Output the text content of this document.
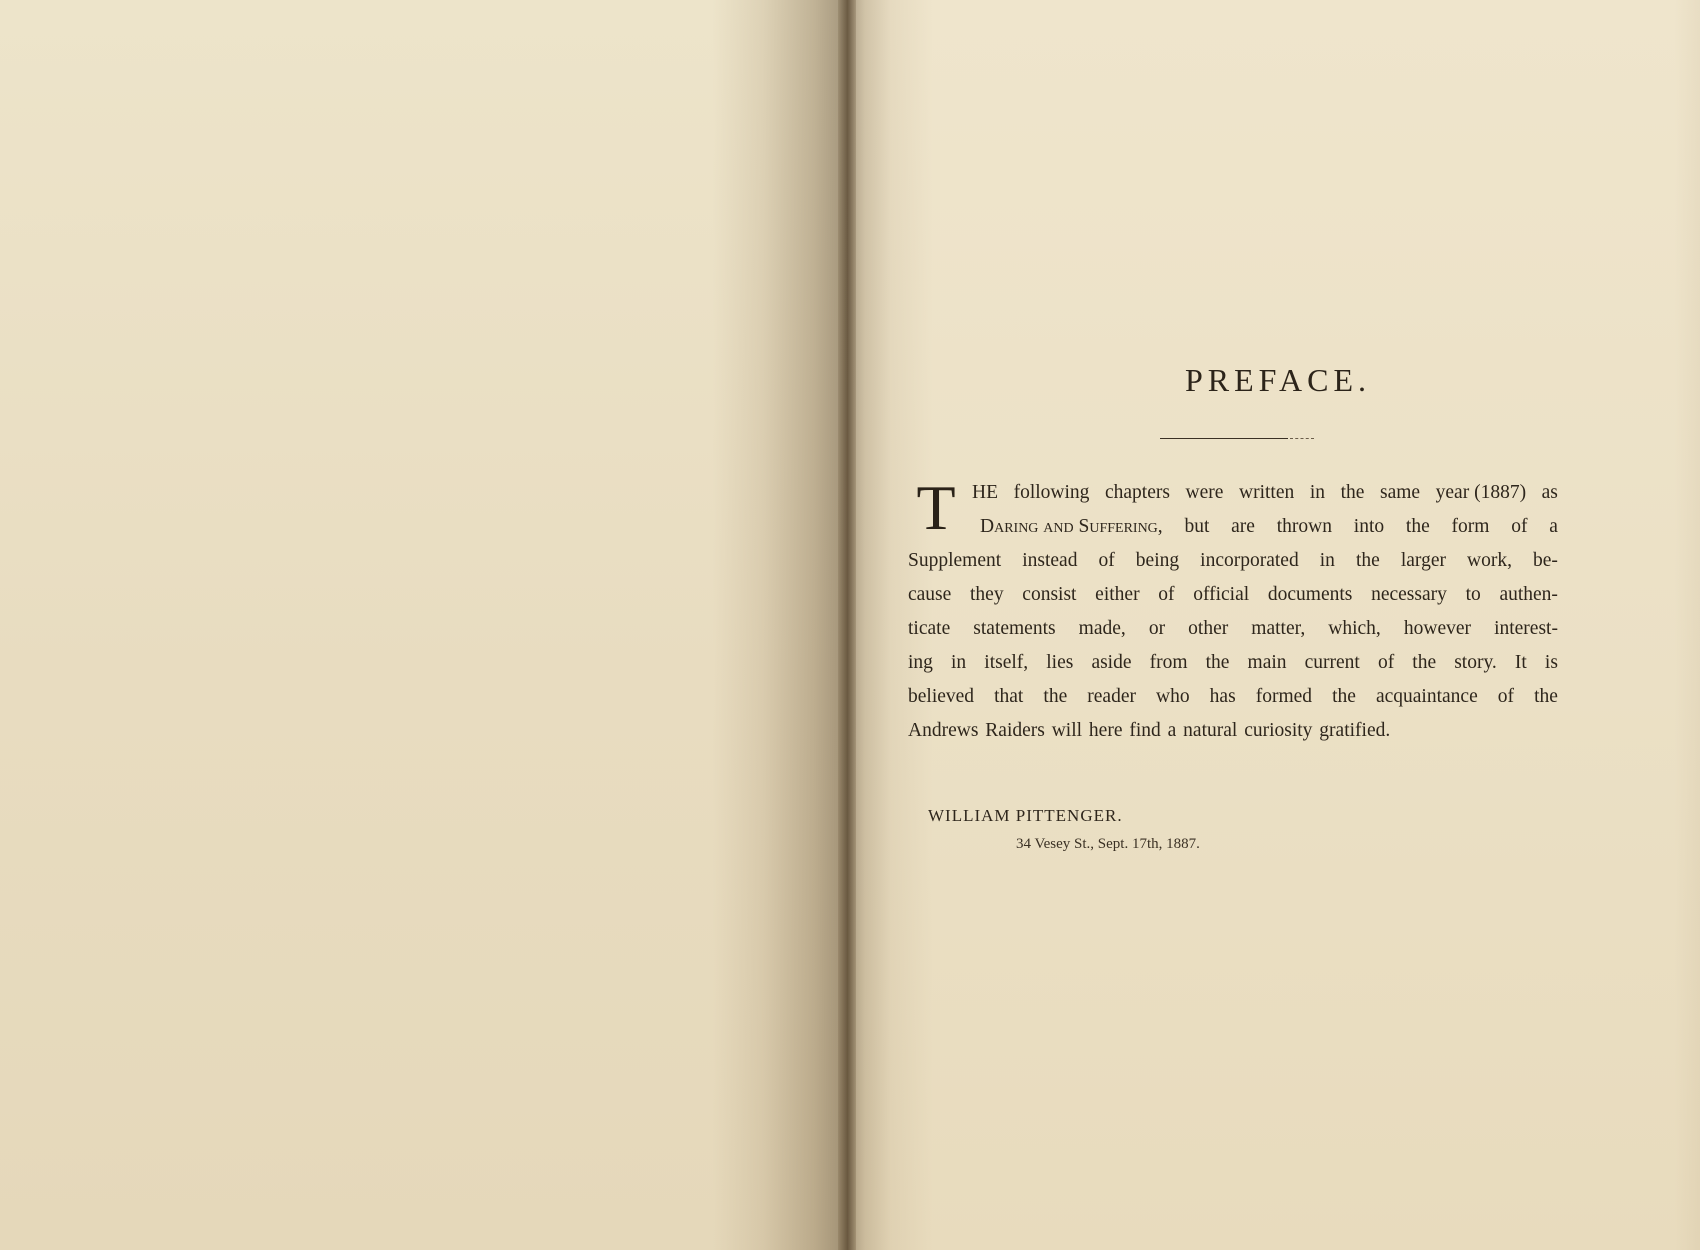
PREFACE.
T HE following chapters were written in the same year (1887) as
Daring and Suffering, but are thrown into the form of a
Supplement instead of being incorporated in the larger work, be-
cause they consist either of official documents necessary to authen-
ticate statements made, or other matter, which, however interest-
ing in itself, lies aside from the main current of the story. It is
believed that the reader who has formed the acquaintance of the
Andrews Raiders will here find a natural curiosity gratified.
WILLIAM PITTENGER.
34 Vesey St., Sept. 17th, 1887.
